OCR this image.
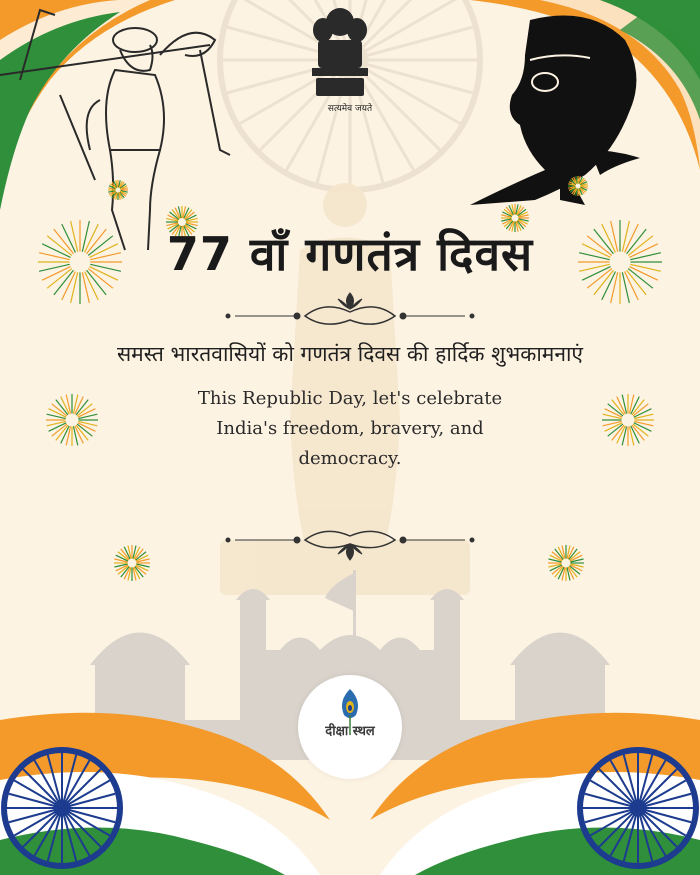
सत्यमेव जयते
77 वाँ गणतंत्र दिवस
समस्त भारतवासियों को गणतंत्र दिवस की हार्दिक शुभकामनाएं
This Republic Day, let's celebrate India's freedom, bravery, and democracy.
दीक्षा स्थल
